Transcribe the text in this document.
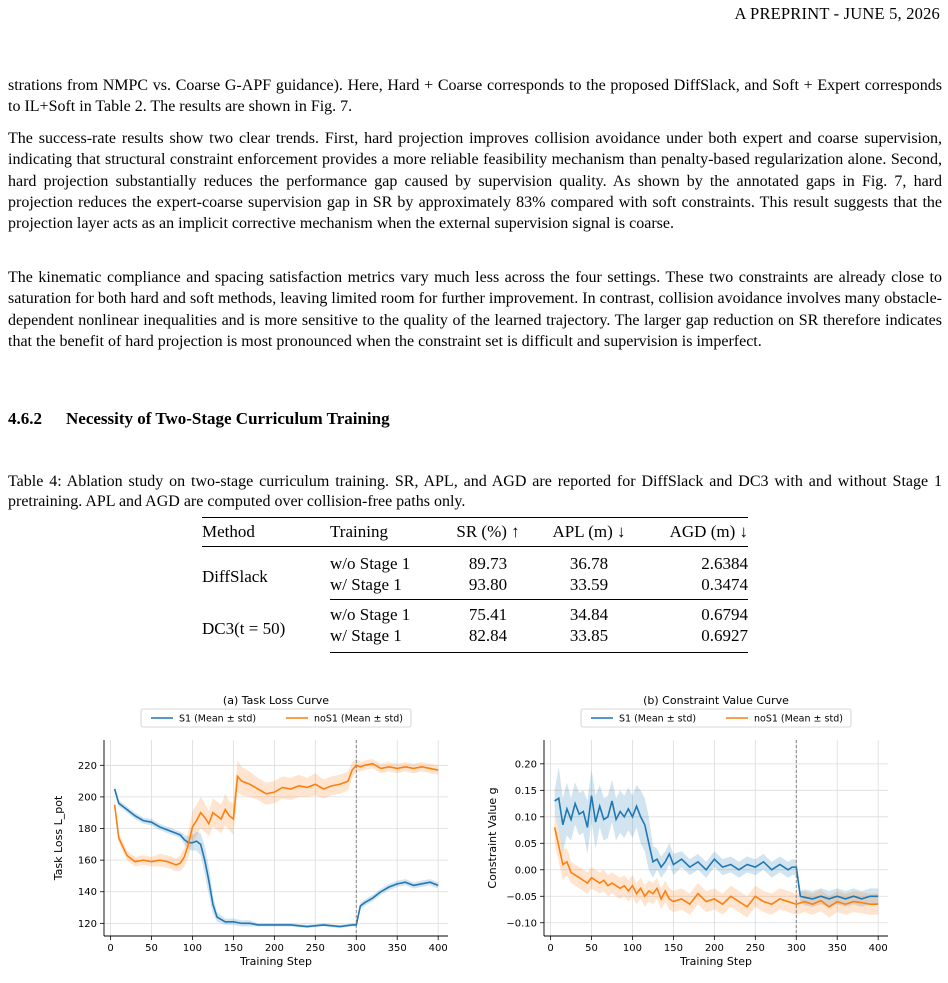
A PREPRINT - JUNE 5, 2026

strations from NMPC vs. Coarse G-APF guidance). Here, Hard + Coarse corresponds to the proposed DiffSlack, and Soft + Expert corresponds to IL+Soft in Table 2. The results are shown in Fig. 7.

The success-rate results show two clear trends. First, hard projection improves collision avoidance under both expert and coarse supervision, indicating that structural constraint enforcement provides a more reliable feasibility mechanism than penalty-based regularization alone. Second, hard projection substantially reduces the performance gap caused by supervision quality. As shown by the annotated gaps in Fig. 7, hard projection reduces the expert-coarse supervision gap in SR by approximately 83% compared with soft constraints. This result suggests that the projection layer acts as an implicit corrective mechanism when the external supervision signal is coarse.

The kinematic compliance and spacing satisfaction metrics vary much less across the four settings. These two constraints are already close to saturation for both hard and soft methods, leaving limited room for further improvement. In contrast, collision avoidance involves many obstacle-dependent nonlinear inequalities and is more sensitive to the quality of the learned trajectory. The larger gap reduction on SR therefore indicates that the benefit of hard projection is most pronounced when the constraint set is difficult and supervision is imperfect.

4.6.2 Necessity of Two-Stage Curriculum Training

Table 4: Ablation study on two-stage curriculum training. SR, APL, and AGD are reported for DiffSlack and DC3 with and without Stage 1 pretraining. APL and AGD are computed over collision-free paths only.

Method	Training	SR (%) ↑	APL (m) ↓	AGD (m) ↓
DiffSlack	w/o Stage 1	89.73	36.78	2.6384
	w/ Stage 1	93.80	33.59	0.3474
DC3(t = 50)	w/o Stage 1	75.41	34.84	0.6794
	w/ Stage 1	82.84	33.85	0.6927
0	50	100 150 200 250 300 350 400
120
140
160
180
200
220
Training Step
Task Loss L_pot
(a) Task Loss Curve
S1 (Mean ± std)	noS1 (Mean ± std)
0	50	100 150 200 250 300 350 400
−0.10
−0.05
0.00
0.05
0.10
0.15
0.20
Training Step
Constraint Value g
(b) Constraint Value Curve
S1 (Mean ± std)	noS1 (Mean ± std)
